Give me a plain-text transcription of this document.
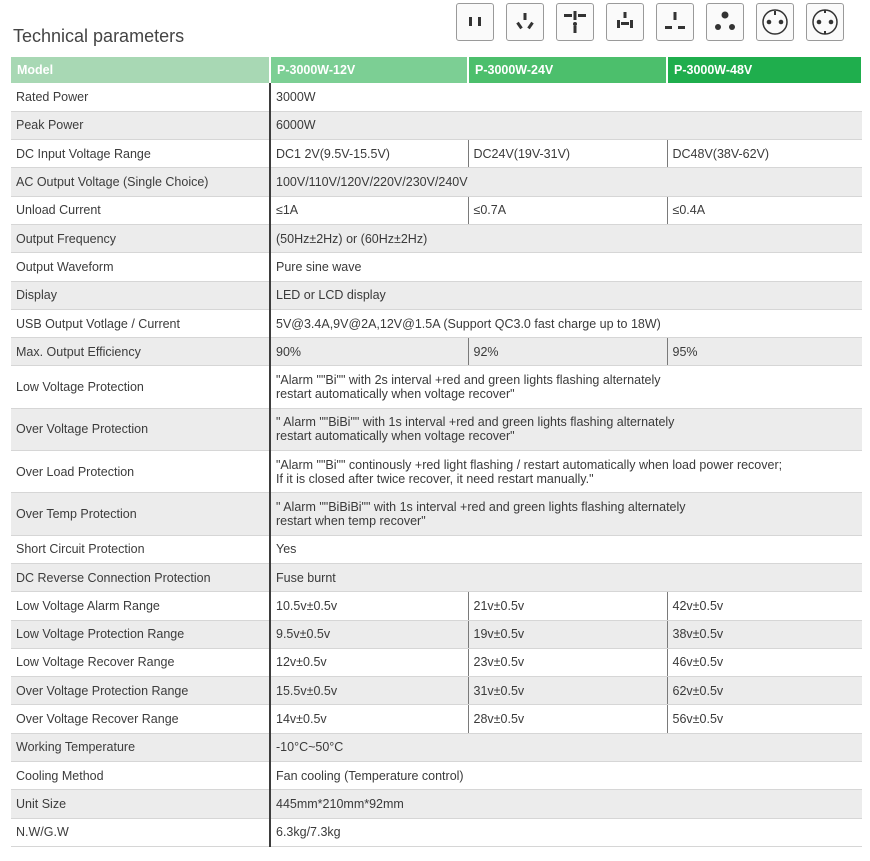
Technical parameters
Model	P-3000W-12V	P-3000W-24V	P-3000W-48V
Rated Power	3000W		
Peak Power	6000W		
DC Input Voltage Range	DC1 2V(9.5V-15.5V)	DC24V(19V-31V)	DC48V(38V-62V)
AC Output Voltage (Single Choice)	100V/110V/120V/220V/230V/240V		
Unload Current	≤1A	≤0.7A	≤0.4A
Output Frequency	(50Hz±2Hz) or (60Hz±2Hz)		
Output Waveform	Pure sine wave		
Display	LED or LCD display		
USB Output Votlage / Current	5V@3.4A,9V@2A,12V@1.5A (Support QC3.0 fast charge up to 18W)		
Max. Output Efficiency	90%	92%	95%
Low Voltage Protection	"Alarm ""Bi"" with 2s interval +red and green lights flashing alternately
restart automatically when voltage recover"		

Over Voltage Protection	" Alarm ""BiBi"" with 1s interval +red and green lights flashing alternately
restart automatically when voltage recover"		

Over Load Protection	"Alarm ""Bi"" continously +red light flashing / restart automatically when load power recover;
If it is closed after twice recover, it need restart manually."		

Over Temp Protection	" Alarm ""BiBiBi"" with 1s interval +red and green lights flashing alternately
restart when temp recover"		

Short Circuit Protection	Yes		
DC Reverse Connection Protection	Fuse burnt		
Low Voltage Alarm Range	10.5v±0.5v	21v±0.5v	42v±0.5v
Low Voltage Protection Range	9.5v±0.5v	19v±0.5v	38v±0.5v
Low Voltage Recover Range	12v±0.5v	23v±0.5v	46v±0.5v
Over Voltage Protection Range	15.5v±0.5v	31v±0.5v	62v±0.5v
Over Voltage Recover Range	14v±0.5v	28v±0.5v	56v±0.5v
Working Temperature	-10°C~50°C		
Cooling Method	Fan cooling (Temperature control)		
Unit Size	445mm*210mm*92mm		
N.W/G.W	6.3kg/7.3kg		
